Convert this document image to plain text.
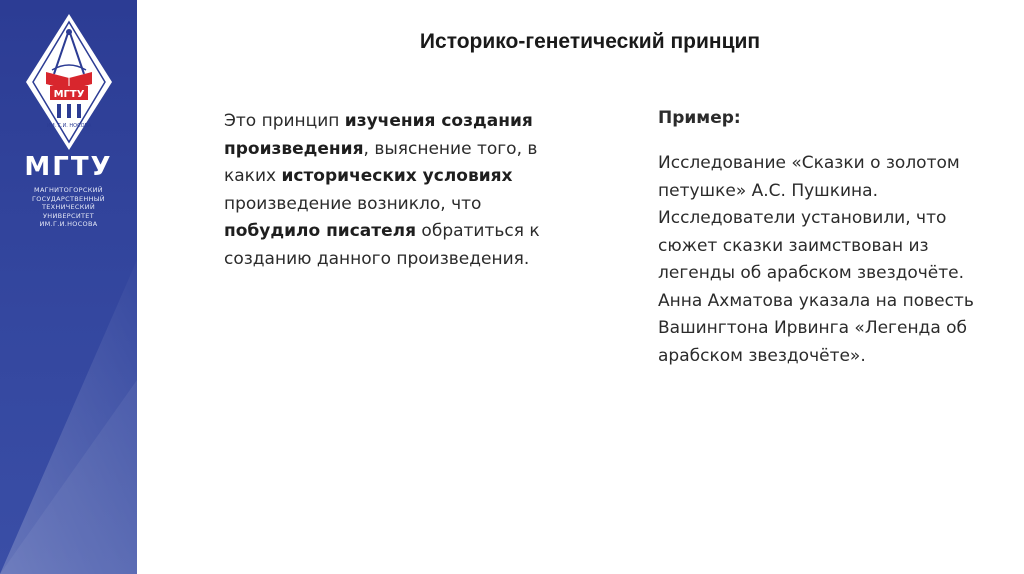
МГТУ
ИМ. Г.И. НОСОВА
МГТУ
МАГНИТОГОРСКИЙ
ГОСУДАРСТВЕННЫЙ
ТЕХНИЧЕСКИЙ
УНИВЕРСИТЕТ
ИМ.Г.И.НОСОВА
Историко-генетический принцип
Это принцип изучения создания произведения, выяснение того, в каких исторических условиях произведение возникло, что побудило писателя обратиться к созданию данного произведения.
Пример:
Исследование «Сказки о золотом петушке» А.С. Пушкина. Исследователи установили, что сюжет сказки заимствован из легенды об арабском звездочёте. Анна Ахматова указала на повесть Вашингтона Ирвинга «Легенда об арабском звездочёте».
